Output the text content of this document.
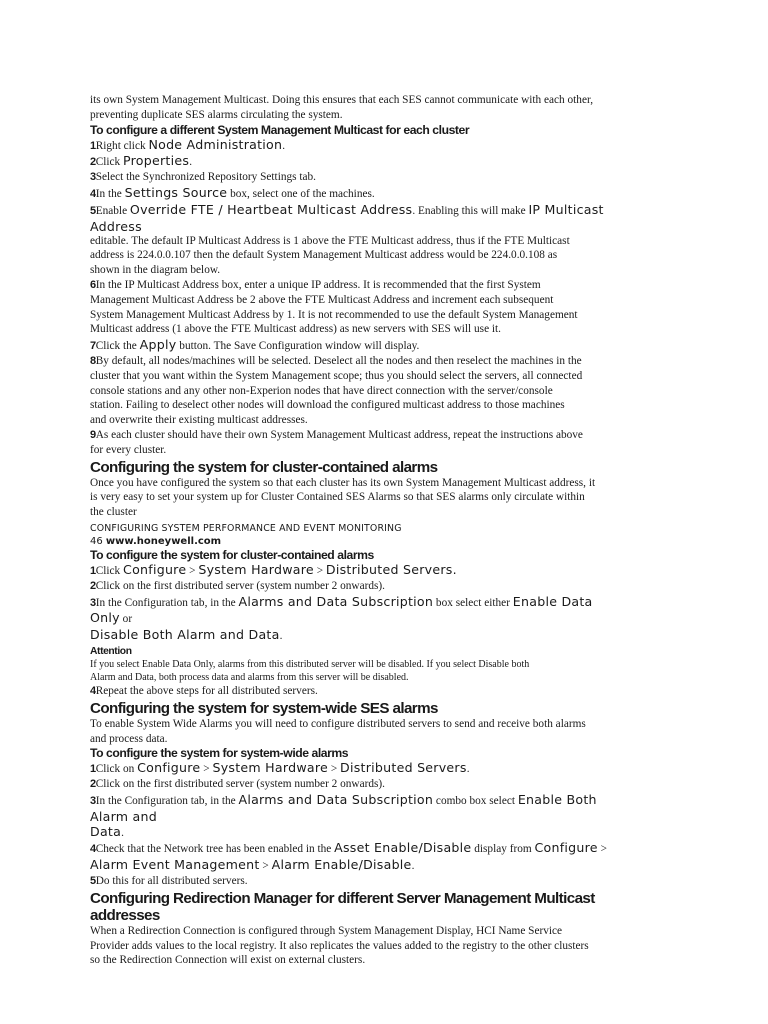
its own System Management Multicast. Doing this ensures that each SES cannot communicate with each other,

preventing duplicate SES alarms circulating the system.

To configure a different System Management Multicast for each cluster

1Right click Node Administration.

2Click Properties.

3Select the Synchronized Repository Settings tab.

4In the Settings Source box, select one of the machines.

5Enable Override FTE / Heartbeat Multicast Address. Enabling this will make IP Multicast

Address

editable. The default IP Multicast Address is 1 above the FTE Multicast address, thus if the FTE Multicast

address is 224.0.0.107 then the default System Management Multicast address would be 224.0.0.108 as

shown in the diagram below.

6In the IP Multicast Address box, enter a unique IP address. It is recommended that the first System

Management Multicast Address be 2 above the FTE Multicast Address and increment each subsequent

System Management Multicast Address by 1. It is not recommended to use the default System Management

Multicast address (1 above the FTE Multicast address) as new servers with SES will use it.

7Click the Apply button. The Save Configuration window will display.

8By default, all nodes/machines will be selected. Deselect all the nodes and then reselect the machines in the

cluster that you want within the System Management scope; thus you should select the servers, all connected

console stations and any other non-Experion nodes that have direct connection with the server/console

station. Failing to deselect other nodes will download the configured multicast address to those machines

and overwrite their existing multicast addresses.

9As each cluster should have their own System Management Multicast address, repeat the instructions above

for every cluster.

Configuring the system for cluster-contained alarms

Once you have configured the system so that each cluster has its own System Management Multicast address, it

is very easy to set your system up for Cluster Contained SES Alarms so that SES alarms only circulate within

the cluster

CONFIGURING SYSTEM PERFORMANCE AND EVENT MONITORING

46 www.honeywell.com

To configure the system for cluster-contained alarms

1Click Configure > System Hardware > Distributed Servers.

2Click on the first distributed server (system number 2 onwards).

3In the Configuration tab, in the Alarms and Data Subscription box select either Enable Data

Only or

Disable Both Alarm and Data.

Attention

If you select Enable Data Only, alarms from this distributed server will be disabled. If you select Disable both

Alarm and Data, both process data and alarms from this server will be disabled.

4Repeat the above steps for all distributed servers.

Configuring the system for system-wide SES alarms

To enable System Wide Alarms you will need to configure distributed servers to send and receive both alarms

and process data.

To configure the system for system-wide alarms

1Click on Configure > System Hardware > Distributed Servers.

2Click on the first distributed server (system number 2 onwards).

3In the Configuration tab, in the Alarms and Data Subscription combo box select Enable Both

Alarm and

Data.

4Check that the Network tree has been enabled in the Asset Enable/Disable display from Configure >

Alarm Event Management > Alarm Enable/Disable.

5Do this for all distributed servers.

Configuring Redirection Manager for different Server Management Multicast addresses

When a Redirection Connection is configured through System Management Display, HCI Name Service

Provider adds values to the local registry. It also replicates the values added to the registry to the other clusters

so the Redirection Connection will exist on external clusters.
